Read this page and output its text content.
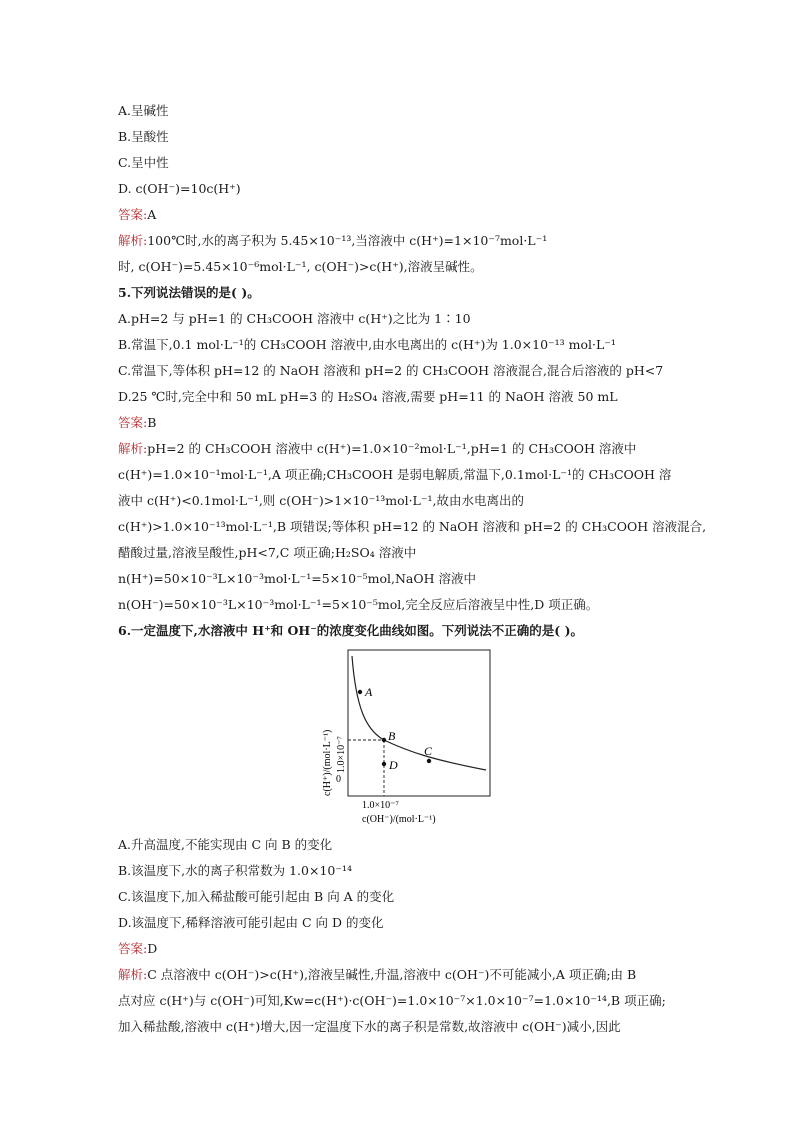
A.呈碱性
B.呈酸性
C.呈中性
D. c(OH⁻)=10c(H⁺)
答案:A
解析:100℃时,水的离子积为 5.45×10⁻¹³,当溶液中 c(H⁺)=1×10⁻⁷mol·L⁻¹
时, c(OH⁻)=5.45×10⁻⁶mol·L⁻¹, c(OH⁻)>c(H⁺),溶液呈碱性。
5.下列说法错误的是( )。
A.pH=2 与 pH=1 的 CH₃COOH 溶液中 c(H⁺)之比为 1∶10
B.常温下,0.1 mol·L⁻¹的 CH₃COOH 溶液中,由水电离出的 c(H⁺)为 1.0×10⁻¹³ mol·L⁻¹
C.常温下,等体积 pH=12 的 NaOH 溶液和 pH=2 的 CH₃COOH 溶液混合,混合后溶液的 pH<7
D.25 ℃时,完全中和 50 mL pH=3 的 H₂SO₄ 溶液,需要 pH=11 的 NaOH 溶液 50 mL
答案:B
解析:pH=2 的 CH₃COOH 溶液中 c(H⁺)=1.0×10⁻²mol·L⁻¹,pH=1 的 CH₃COOH 溶液中
c(H⁺)=1.0×10⁻¹mol·L⁻¹,A 项正确;CH₃COOH 是弱电解质,常温下,0.1mol·L⁻¹的 CH₃COOH 溶
液中 c(H⁺)<0.1mol·L⁻¹,则 c(OH⁻)>1×10⁻¹³mol·L⁻¹,故由水电离出的
c(H⁺)>1.0×10⁻¹³mol·L⁻¹,B 项错误;等体积 pH=12 的 NaOH 溶液和 pH=2 的 CH₃COOH 溶液混合,
醋酸过量,溶液呈酸性,pH<7,C 项正确;H₂SO₄ 溶液中
n(H⁺)=50×10⁻³L×10⁻³mol·L⁻¹=5×10⁻⁵mol,NaOH 溶液中
n(OH⁻)=50×10⁻³L×10⁻³mol·L⁻¹=5×10⁻⁵mol,完全反应后溶液呈中性,D 项正确。
6.一定温度下,水溶液中 H⁺和 OH⁻的浓度变化曲线如图。下列说法不正确的是( )。
A
B
C
D
0
1.0×10⁻⁷
c(OH⁻)/(mol·L⁻¹)
1.0×10⁻⁷
c(H⁺)/(mol·L⁻¹)
A.升高温度,不能实现由 C 向 B 的变化
B.该温度下,水的离子积常数为 1.0×10⁻¹⁴
C.该温度下,加入稀盐酸可能引起由 B 向 A 的变化
D.该温度下,稀释溶液可能引起由 C 向 D 的变化
答案:D
解析:C 点溶液中 c(OH⁻)>c(H⁺),溶液呈碱性,升温,溶液中 c(OH⁻)不可能减小,A 项正确;由 B
点对应 c(H⁺)与 c(OH⁻)可知,Kw=c(H⁺)·c(OH⁻)=1.0×10⁻⁷×1.0×10⁻⁷=1.0×10⁻¹⁴,B 项正确;
加入稀盐酸,溶液中 c(H⁺)增大,因一定温度下水的离子积是常数,故溶液中 c(OH⁻)减小,因此
